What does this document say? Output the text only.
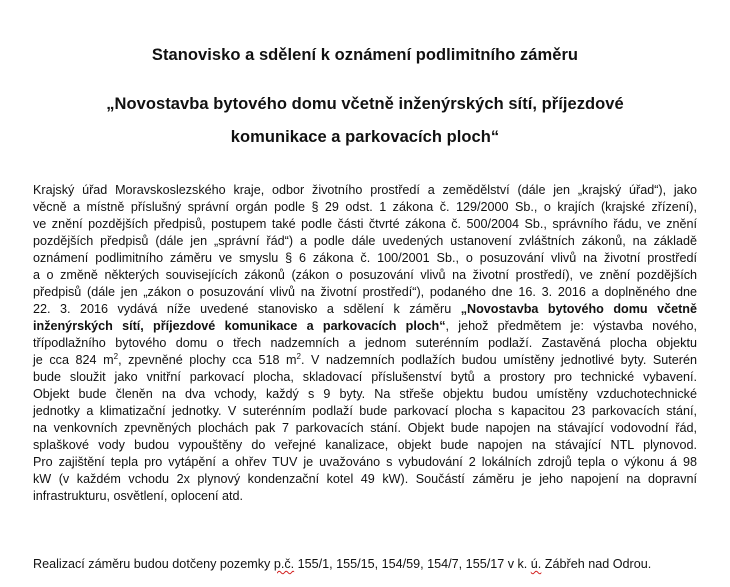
Stanovisko a sdělení k oznámení podlimitního záměru
„Novostavba bytového domu včetně inženýrských sítí, příjezdové
komunikace a parkovacích ploch“
Krajský úřad Moravskoslezského kraje, odbor životního prostředí a zemědělství (dále jen „krajský úřad“), jako
věcně a místně příslušný správní orgán podle § 29 odst. 1 zákona č. 129/2000 Sb., o krajích (krajské zřízení),
ve znění pozdějších předpisů, postupem také podle části čtvrté zákona č. 500/2004 Sb., správního řádu, ve znění
pozdějších předpisů (dále jen „správní řád“) a podle dále uvedených ustanovení zvláštních zákonů, na základě
oznámení podlimitního záměru ve smyslu § 6 zákona č. 100/2001 Sb., o posuzování vlivů na životní prostředí
a o změně některých souvisejících zákonů (zákon o posuzování vlivů na životní prostředí), ve znění pozdějších
předpisů (dále jen „zákon o posuzování vlivů na životní prostředí“), podaného dne 16. 3. 2016 a doplněného dne
22. 3. 2016 vydává níže uvedené stanovisko a sdělení k záměru „Novostavba bytového domu včetně
inženýrských sítí, příjezdové komunikace a parkovacích ploch“, jehož předmětem je: výstavba nového,
třípodlažního bytového domu o třech nadzemních a jednom suterénním podlaží. Zastavěná plocha objektu
je cca 824 $m^2$, zpevněné plochy cca 518 $m^2$. V nadzemních podlažích budou umístěny jednotlivé byty. Suterén
bude sloužit jako vnitřní parkovací plocha, skladovací příslušenství bytů a prostory pro technické vybavení.
Objekt bude členěn na dva vchody, každý s 9 byty. Na střeše objektu budou umístěny vzduchotechnické
jednotky a klimatizační jednotky. V suterénním podlaží bude parkovací plocha s kapacitou 23 parkovacích stání,
na venkovních zpevněných plochách pak 7 parkovacích stání. Objekt bude napojen na stávající vodovodní řád,
splaškové vody budou vypouštěny do veřejné kanalizace, objekt bude napojen na stávající NTL plynovod.
Pro zajištění tepla pro vytápění a ohřev TUV je uvažováno s vybudování 2 lokálních zdrojů tepla o výkonu á 98
kW (v každém vchodu 2x plynový kondenzační kotel 49 kW). Součástí záměru je jeho napojení na dopravní
infrastrukturu, osvětlení, oplocení atd.

Realizací záměru budou dotčeny pozemky p.č. 155/1, 155/15, 154/59, 154/7, 155/17 v k. ú. Zábřeh nad Odrou.
